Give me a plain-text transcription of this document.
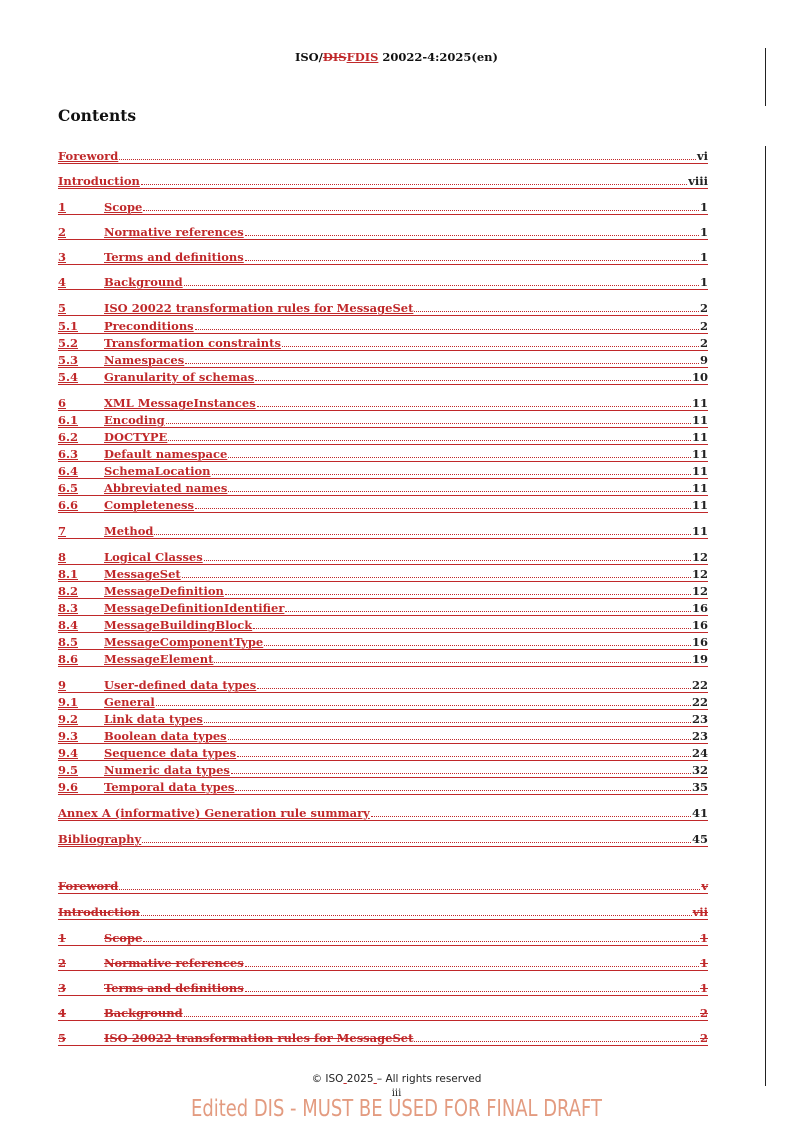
ISO/DISFDIS 20022-4:2025(en)
Contents
Foreword	vi
Introduction	viii
1	Scope	1
2	Normative references	1
3	Terms and definitions	1
4	Background	1
5	ISO 20022 transformation rules for MessageSet	2
5.1	Preconditions	2
5.2	Transformation constraints	2
5.3	Namespaces	9
5.4	Granularity of schemas	10
6	XML MessageInstances	11
6.1	Encoding	11
6.2	DOCTYPE	11
6.3	Default namespace	11
6.4	SchemaLocation	11
6.5	Abbreviated names	11
6.6	Completeness	11
7	Method	11
8	Logical Classes	12
8.1	MessageSet	12
8.2	MessageDefinition	12
8.3	MessageDefinitionIdentifier	16
8.4	MessageBuildingBlock	16
8.5	MessageComponentType	16
8.6	MessageElement	19
9	User-defined data types	22
9.1	General	22
9.2	Link data types	23
9.3	Boolean data types	23
9.4	Sequence data types	24
9.5	Numeric data types	32
9.6	Temporal data types	35
Annex A (informative) Generation rule summary	41
Bibliography	45
Foreword	v
Introduction	vii
1	Scope	1
2	Normative references	1
3	Terms and definitions	1
4	Background	2
5	ISO 20022 transformation rules for MessageSet	2
© ISO 2025 – All rights reserved
iii
Edited DIS - MUST BE USED FOR FINAL DRAFT
